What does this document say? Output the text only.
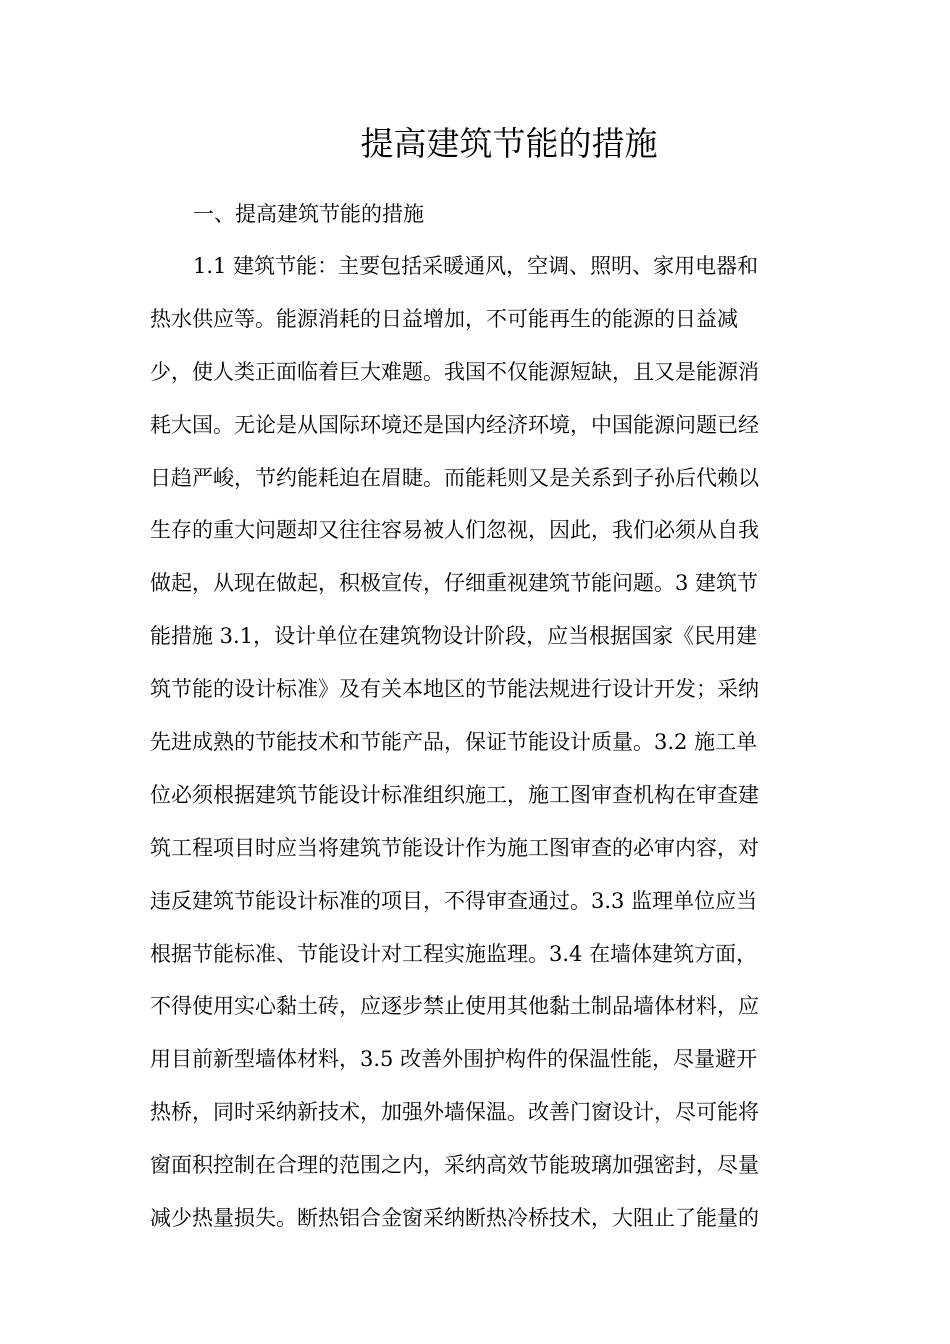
提高建筑节能的措施
一、提高建筑节能的措施
1.1 建筑节能：主要包括采暖通风，空调、照明、家用电器和
热水供应等。能源消耗的日益增加，不可能再生的能源的日益减
少，使人类正面临着巨大难题。我国不仅能源短缺，且又是能源消
耗大国。无论是从国际环境还是国内经济环境，中国能源问题已经
日趋严峻，节约能耗迫在眉睫。而能耗则又是关系到子孙后代赖以
生存的重大问题却又往往容易被人们忽视，因此，我们必须从自我
做起，从现在做起，积极宣传，仔细重视建筑节能问题。3 建筑节
能措施 3.1，设计单位在建筑物设计阶段，应当根据国家《民用建
筑节能的设计标准》及有关本地区的节能法规进行设计开发；采纳
先进成熟的节能技术和节能产品，保证节能设计质量。3.2 施工单
位必须根据建筑节能设计标准组织施工，施工图审查机构在审查建
筑工程项目时应当将建筑节能设计作为施工图审查的必审内容，对
违反建筑节能设计标准的项目，不得审查通过。3.3 监理单位应当
根据节能标准、节能设计对工程实施监理。3.4 在墙体建筑方面，
不得使用实心黏土砖，应逐步禁止使用其他黏土制品墙体材料，应
用目前新型墙体材料，3.5 改善外围护构件的保温性能，尽量避开
热桥，同时采纳新技术，加强外墙保温。改善门窗设计，尽可能将
窗面积控制在合理的范围之内，采纳高效节能玻璃加强密封，尽量
减少热量损失。断热铝合金窗采纳断热冷桥技术，大阻止了能量的
